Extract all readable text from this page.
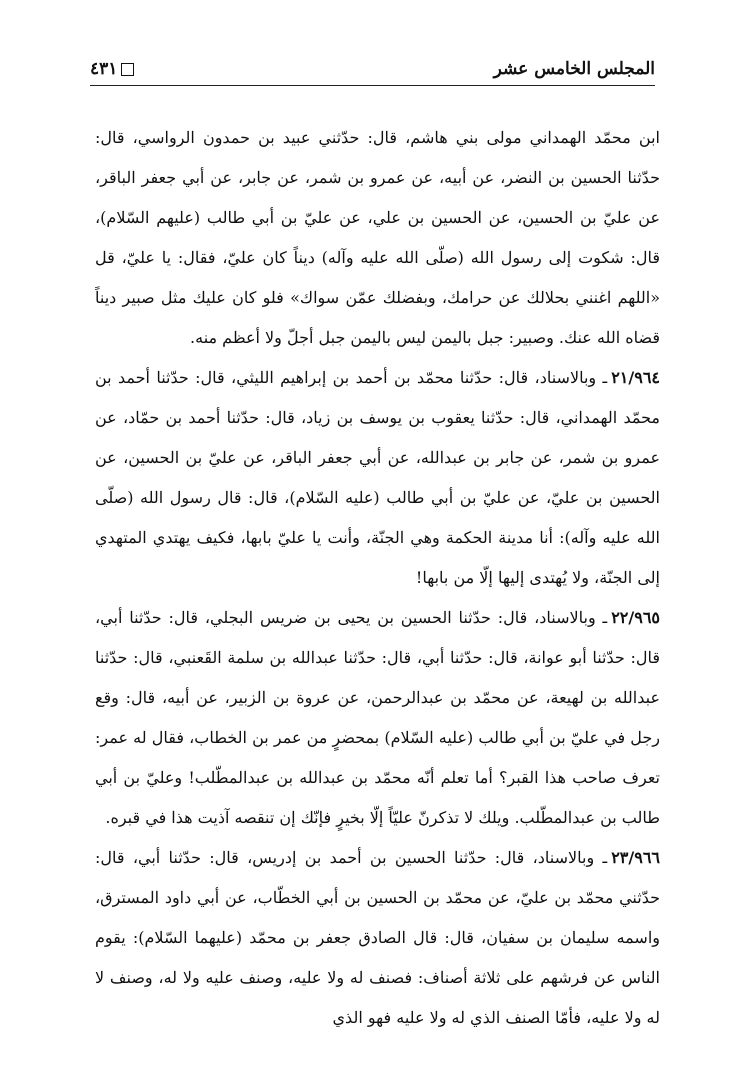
المجلس الخامس عشر
٤٣١

ابن محمّد الهمداني مولى بني هاشم، قال: حدّثني عبيد بن حمدون الرواسي، قال: حدّثنا الحسين بن النضر، عن أبيه، عن عمرو بن شمر، عن جابر، عن أبي جعفر الباقر، عن عليّ بن الحسين، عن الحسين بن علي، عن عليّ بن أبي طالب (عليهم السّلام)، قال: شكوت إلى رسول الله (صلّى الله عليه وآله) ديناً كان عليّ، فقال: يا عليّ، قل «اللهم اغنني بحلالك عن حرامك، وبفضلك عمّن سواك» فلو كان عليك مثل صبير ديناً قضاه الله عنك. وصبير: جبل باليمن ليس باليمن جبل أجلّ ولا أعظم منه.

٢١/٩٦٤ـ وبالاسناد، قال: حدّثنا محمّد بن أحمد بن إبراهيم الليثي، قال: حدّثنا أحمد بن محمّد الهمداني، قال: حدّثنا يعقوب بن يوسف بن زياد، قال: حدّثنا أحمد بن حمّاد، عن عمرو بن شمر، عن جابر بن عبدالله، عن أبي جعفر الباقر، عن عليّ بن الحسين، عن الحسين بن عليّ، عن عليّ بن أبي طالب (عليه السّلام)، قال: قال رسول الله (صلّى الله عليه وآله): أنا مدينة الحكمة وهي الجنّة، وأنت يا عليّ بابها، فكيف يهتدي المتهدي إلى الجنّة، ولا يُهتدى إليها إلّا من بابها!

٢٢/٩٦٥ـ وبالاسناد، قال: حدّثنا الحسين بن يحيى بن ضريس البجلي، قال: حدّثنا أبي، قال: حدّثنا أبو عوانة، قال: حدّثنا أبي، قال: حدّثنا عبدالله بن سلمة القَعنبي، قال: حدّثنا عبدالله بن لهيعة، عن محمّد بن عبدالرحمن، عن عروة بن الزبير، عن أبيه، قال: وقع رجل في عليّ بن أبي طالب (عليه السّلام) بمحضرٍ من عمر بن الخطاب، فقال له عمر: تعرف صاحب هذا القبر؟ أما تعلم أنّه محمّد بن عبدالله بن عبدالمطّلب! وعليّ بن أبي طالب بن عبدالمطّلب. ويلك لا تذكرنّ عليّاً إلّا بخيرٍ فإنّك إن تنقصه آذيت هذا في قبره.

٢٣/٩٦٦ـ وبالاسناد، قال: حدّثنا الحسين بن أحمد بن إدريس، قال: حدّثنا أبي، قال: حدّثني محمّد بن عليّ، عن محمّد بن الحسين بن أبي الخطّاب، عن أبي داود المسترق، واسمه سليمان بن سفيان، قال: قال الصادق جعفر بن محمّد (عليهما السّلام): يقوم الناس عن فرشهم على ثلاثة أصناف: فصنف له ولا عليه، وصنف عليه ولا له، وصنف لا له ولا عليه، فأمّا الصنف الذي له ولا عليه فهو الذي
